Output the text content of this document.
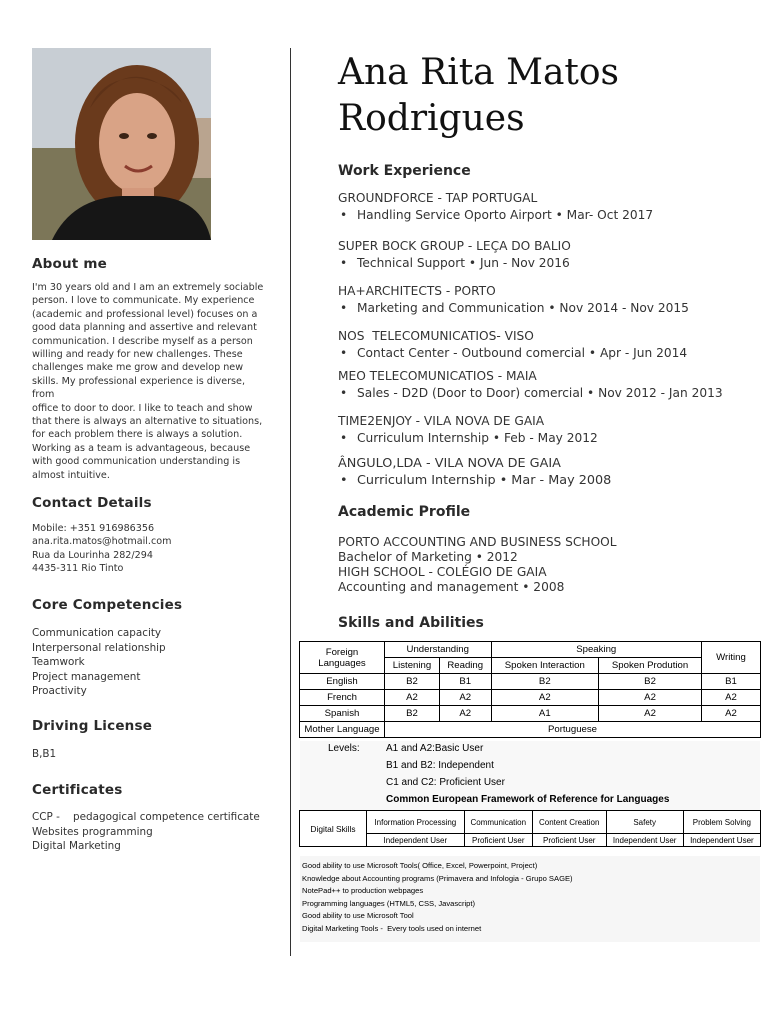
About me
I'm 30 years old and I am an extremely sociable
person. I love to communicate. My experience
(academic and professional level) focuses on a
good data planning and assertive and relevant
communication. I describe myself as a person
willing and ready for new challenges. These
challenges make me grow and develop new
skills. My professional experience is diverse, from
office to door to door. I like to teach and show
that there is always an alternative to situations,
for each problem there is always a solution.
Working as a team is advantageous, because
with good communication understanding is
almost intuitive.
Contact Details
Mobile: +351 916986356
ana.rita.matos@hotmail.com
Rua da Lourinha 282/294
4435-311 Rio Tinto
Core Competencies
Communication capacity
Interpersonal relationship
Teamwork
Project management
Proactivity
Driving License
B,B1
Certificates
CCP -    pedagogical competence certificate
Websites programming
Digital Marketing
Ana Rita Matos
Rodrigues
Work Experience
GROUNDFORCE - TAP PORTUGAL
• Handling Service Oporto Airport • Mar- Oct 2017
SUPER BOCK GROUP - LEÇA DO BALIO
• Technical Support • Jun - Nov 2016
HA+ARCHITECTS - PORTO
• Marketing and Communication • Nov 2014 - Nov 2015
NOS  TELECOMUNICATIOS- VISO
• Contact Center - Outbound comercial • Apr - Jun 2014
MEO TELECOMUNICATIOS - MAIA
• Sales - D2D (Door to Door) comercial • Nov 2012 - Jan 2013
TIME2ENJOY - VILA NOVA DE GAIA
• Curriculum Internship • Feb - May 2012
ÂNGULO,LDA - VILA NOVA DE GAIA
• Curriculum Internship • Mar - May 2008
Academic Profile
PORTO ACCOUNTING AND BUSINESS SCHOOL
Bachelor of Marketing • 2012
HIGH SCHOOL - COLÉGIO DE GAIA
Accounting and management • 2008
Skills and Abilities
Foreign Languages	Understanding		Speaking		Writing
	Listening	Reading	Spoken Interaction	Spoken Prodution	
English	B2	B1	B2	B2	B1
French	A2	A2	A2	A2	A2
Spanish	B2	A2	A1	A2	A2
Mother Language	Portuguese				
Levels:	A1 and A2:Basic User
B1 and B2: Independent
C1 and C2: Proficient User
Common European Framework of Reference for Languages
Digital Skills	Information Processing	Communication	Content Creation	Safety	Problem Solving
	Independent User	Proficient User	Proficient User	Independent User	Independent User
Good ability to use Microsoft Tools( Office, Excel, Powerpoint, Project)
Knowledge about Accounting programs (Primavera and Infologia - Grupo SAGE)
NotePad++ to production webpages
Programming languages (HTML5, CSS, Javascript)
Good ability to use Microsoft Tool
Digital Marketing Tools -  Every tools used on internet
